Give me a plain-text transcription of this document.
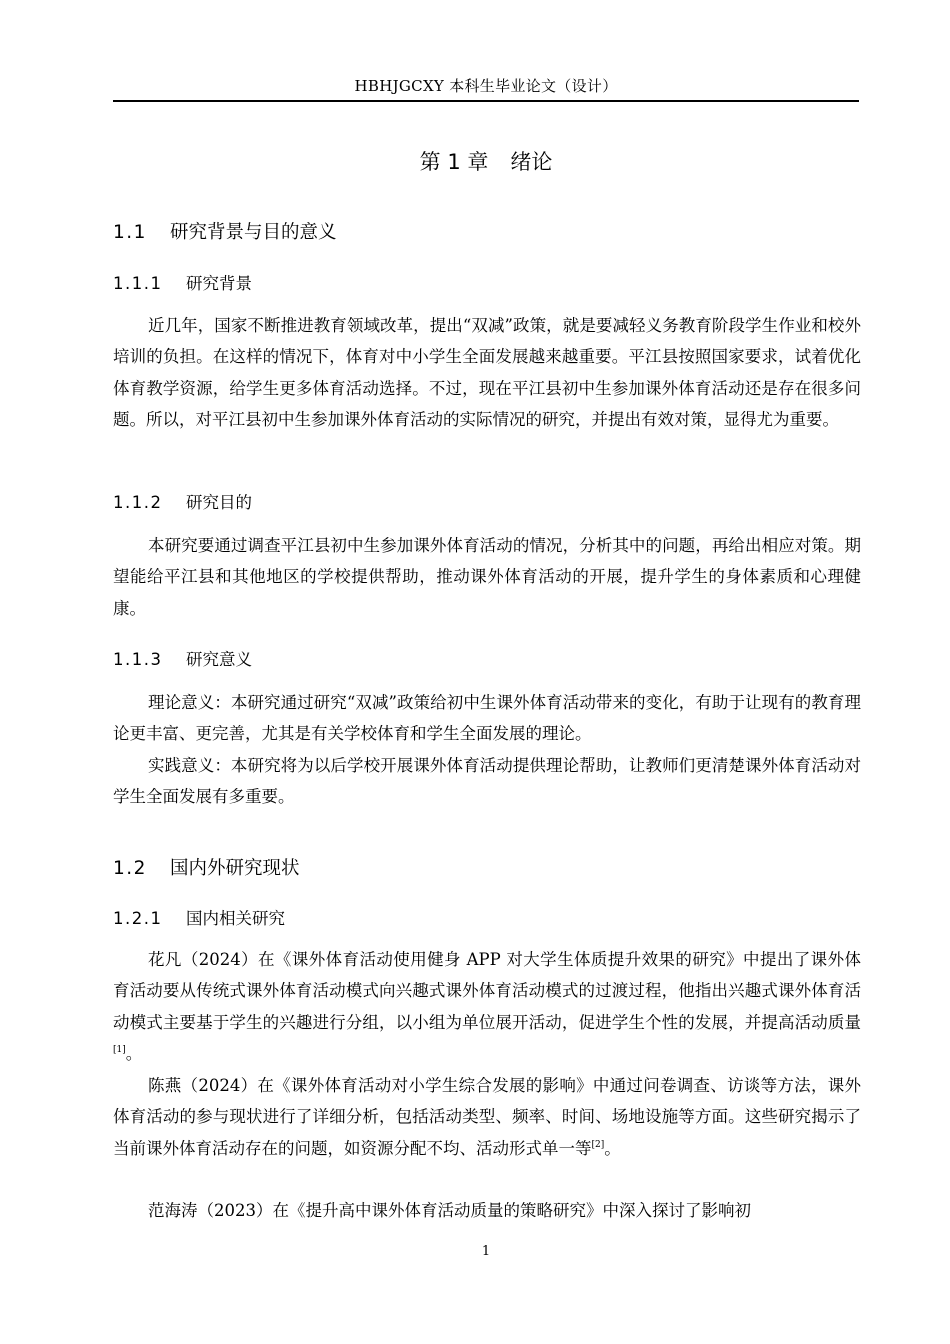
HBHJGCXY 本科生毕业论文（设计）
第 1 章 绪论
1.1 研究背景与目的意义
1.1.1 研究背景

近几年，国家不断推进教育领域改革，提出“双减”政策，就是要减轻义务教育阶段学生作业和校外培训的负担。在这样的情况下，体育对中小学生全面发展越来越重要。平江县按照国家要求，试着优化体育教学资源，给学生更多体育活动选择。不过，现在平江县初中生参加课外体育活动还是存在很多问题。所以，对平江县初中生参加课外体育活动的实际情况的研究，并提出有效对策，显得尤为重要。

1.1.2 研究目的

本研究要通过调查平江县初中生参加课外体育活动的情况，分析其中的问题，再给出相应对策。期望能给平江县和其他地区的学校提供帮助，推动课外体育活动的开展，提升学生的身体素质和心理健康。

1.1.3 研究意义

理论意义：本研究通过研究“双减”政策给初中生课外体育活动带来的变化，有助于让现有的教育理论更丰富、更完善，尤其是有关学校体育和学生全面发展的理论。

实践意义：本研究将为以后学校开展课外体育活动提供理论帮助，让教师们更清楚课外体育活动对学生全面发展有多重要。

1.2 国内外研究现状
1.2.1 国内相关研究

花凡（2024）在《课外体育活动使用健身 APP 对大学生体质提升效果的研究》中提出了课外体育活动要从传统式课外体育活动模式向兴趣式课外体育活动模式的过渡过程，他指出兴趣式课外体育活动模式主要基于学生的兴趣进行分组，以小组为单位展开活动，促进学生个性的发展，并提高活动质量[1]。

陈燕（2024）在《课外体育活动对小学生综合发展的影响》中通过问卷调查、访谈等方法，课外体育活动的参与现状进行了详细分析，包括活动类型、频率、时间、场地设施等方面。这些研究揭示了当前课外体育活动存在的问题，如资源分配不均、活动形式单一等[2]。

范海涛（2023）在《提升高中课外体育活动质量的策略研究》中深入探讨了影响初

1
